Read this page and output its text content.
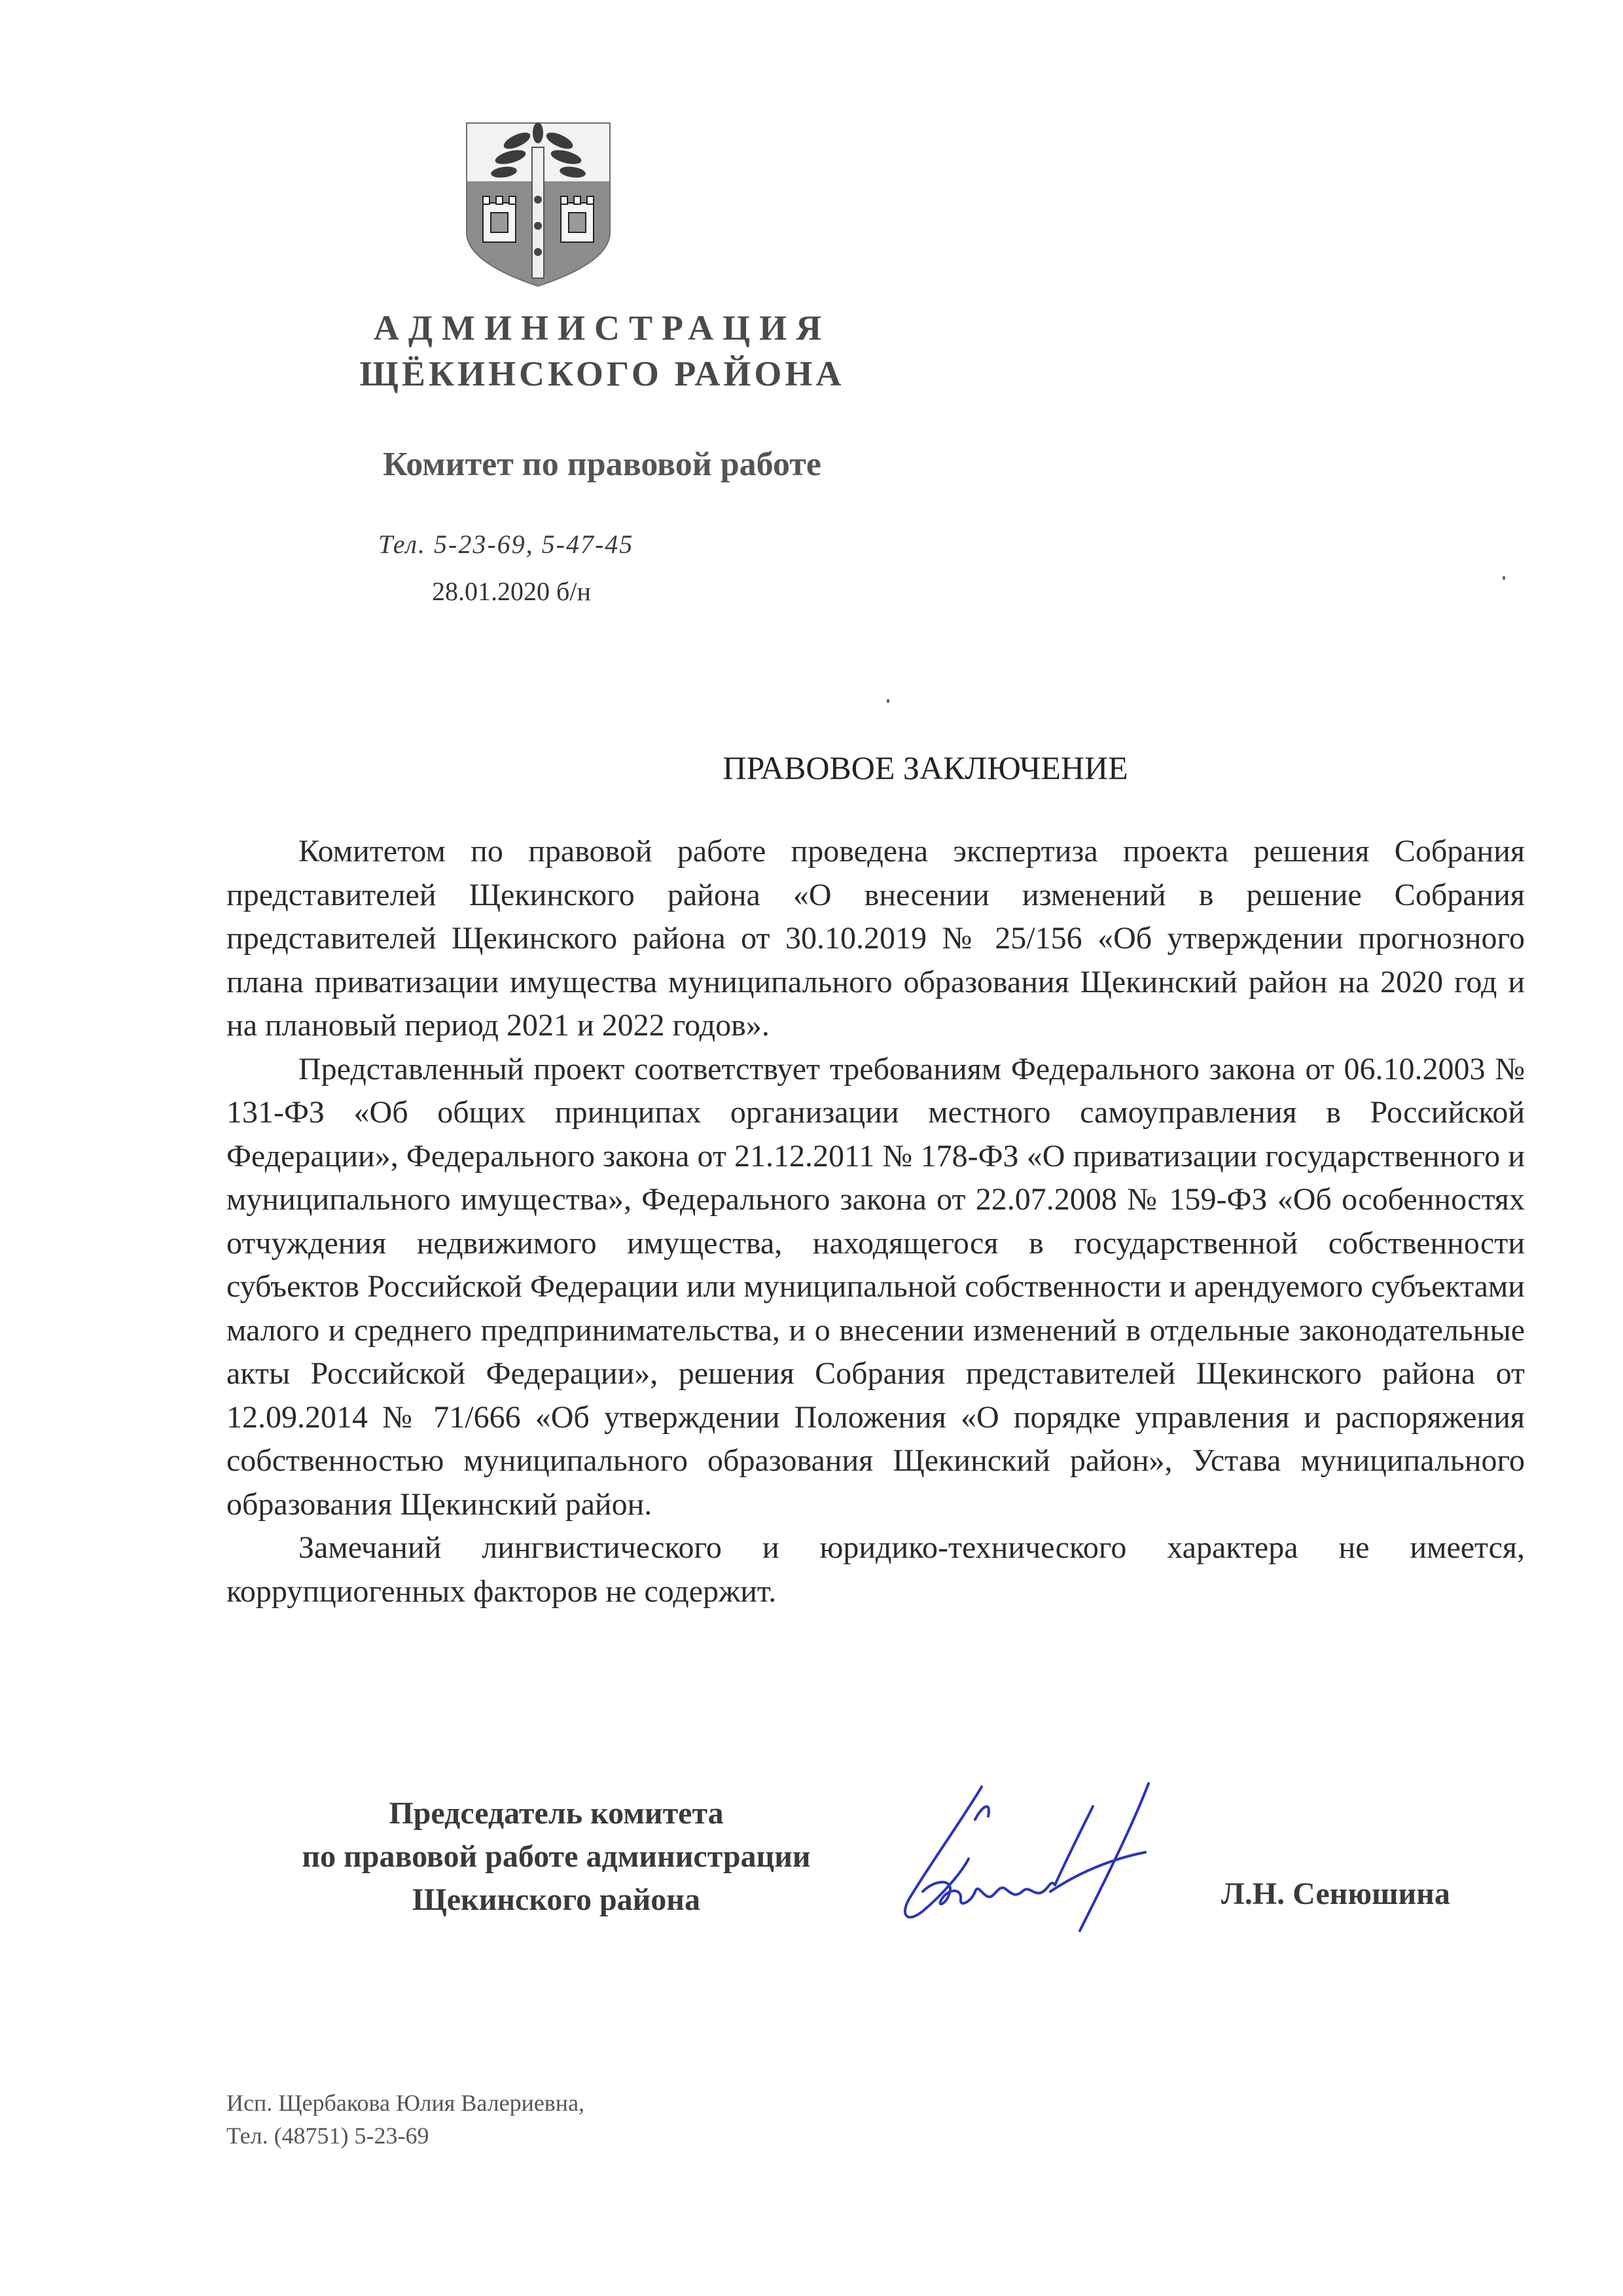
АДМИНИСТРАЦИЯ
ЩЁКИНСКОГО РАЙОНА
Комитет по правовой работе
Тел. 5-23-69, 5-47-45
28.01.2020 б/н
ПРАВОВОЕ ЗАКЛЮЧЕНИЕ

Комитетом по правовой работе проведена экспертиза проекта решения Собрания представителей Щекинского района «О внесении изменений в решение Собрания представителей Щекинского района от 30.10.2019 № 25/156 «Об утверждении прогнозного плана приватизации имущества муниципального образования Щекинский район на 2020 год и на плановый период 2021 и 2022 годов».

Представленный проект соответствует требованиям Федерального закона от 06.10.2003 № 131-ФЗ «Об общих принципах организации местного самоуправления в Российской Федерации», Федерального закона от 21.12.2011 № 178-ФЗ «О приватизации государственного и муниципального имущества», Федерального закона от 22.07.2008 № 159-ФЗ «Об особенностях отчуждения недвижимого имущества, находящегося в государственной собственности субъектов Российской Федерации или муниципальной собственности и арендуемого субъектами малого и среднего предпринимательства, и о внесении изменений в отдельные законодательные акты Российской Федерации», решения Собрания представителей Щекинского района от 12.09.2014 № 71/666 «Об утверждении Положения «О порядке управления и распоряжения собственностью муниципального образования Щекинский район», Устава муниципального образования Щекинский район.

Замечаний лингвистического и юридико-технического характера не имеется, коррупциогенных факторов не содержит.

Председатель комитета
по правовой работе администрации
Щекинского района	Л.Н. Сенюшина
Исп. Щербакова Юлия Валериевна,
Тел. (48751) 5-23-69
